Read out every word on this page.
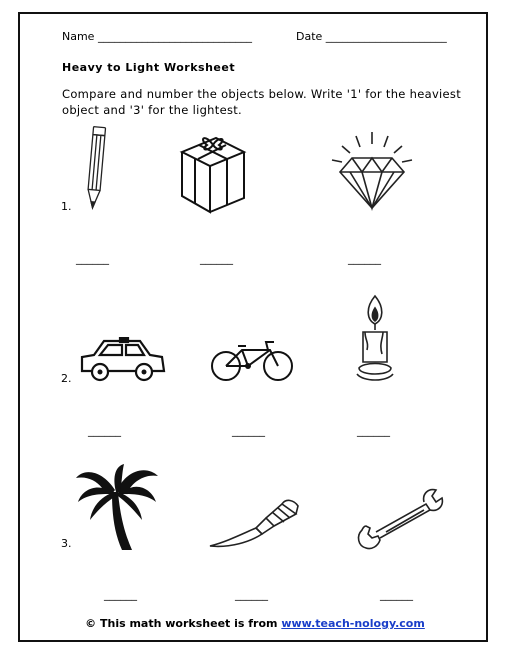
Name ____________________________	Date ______________________
Heavy to Light Worksheet
Compare and number the objects below. Write '1' for the heaviest object and '3' for the lightest.
1.
______	______	______
2.
______	______	______
3.
______	______	______
© This math worksheet is from www.teach-nology.com
